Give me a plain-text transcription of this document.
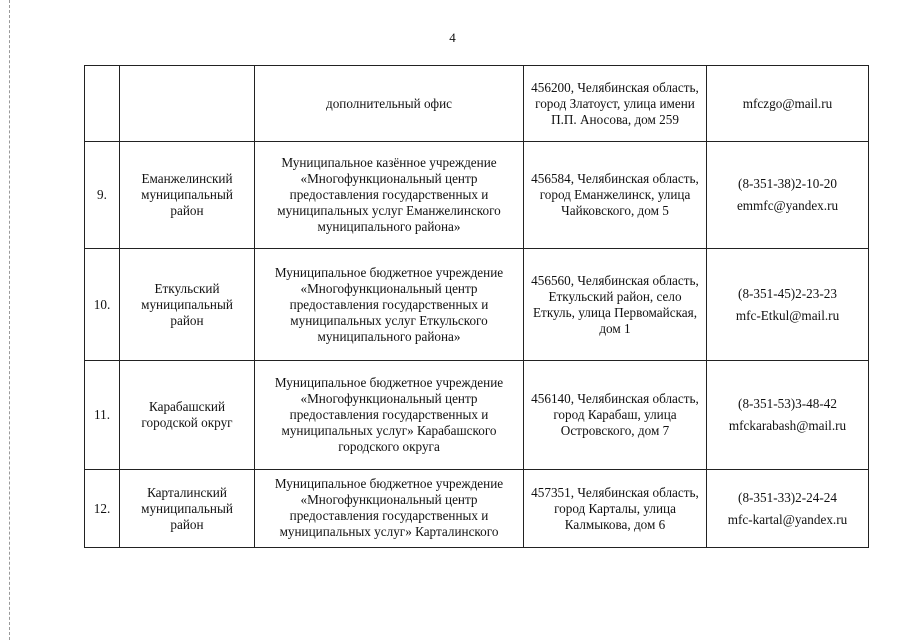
4
		дополнительный офис	456200, Челябинская область, город Златоуст, улица имени П.П. Аносова, дом 259	mfczgo@mail.ru

9.	Еманжелинский муниципальный район	Муниципальное казённое учреждение «Многофункциональный центр предоставления государственных и муниципальных услуг Еманжелинского муниципального района»	456584, Челябинская область, город Еманжелинск, улица Чайковского, дом 5	(8-351-38)2-10-20
emmfc@yandex.ru

10.	Еткульский муниципальный район	Муниципальное бюджетное учреждение «Многофункциональный центр предоставления государственных и муниципальных услуг Еткульского муниципального района»	456560, Челябинская область, Еткульский район, село Еткуль, улица Первомайская, дом 1	(8-351-45)2-23-23
mfc-Etkul@mail.ru

11.	Карабашский городской округ	Муниципальное бюджетное учреждение «Многофункциональный центр предоставления государственных и муниципальных услуг» Карабашского городского округа	456140, Челябинская область, город Карабаш, улица Островского, дом 7	(8-351-53)3-48-42
mfckarabash@mail.ru

12.	Карталинский муниципальный район	Муниципальное бюджетное учреждение «Многофункциональный центр предоставления государственных и муниципальных услуг» Карталинского	457351, Челябинская область, город Карталы, улица Калмыкова, дом 6	(8-351-33)2-24-24
mfc-kartal@yandex.ru
